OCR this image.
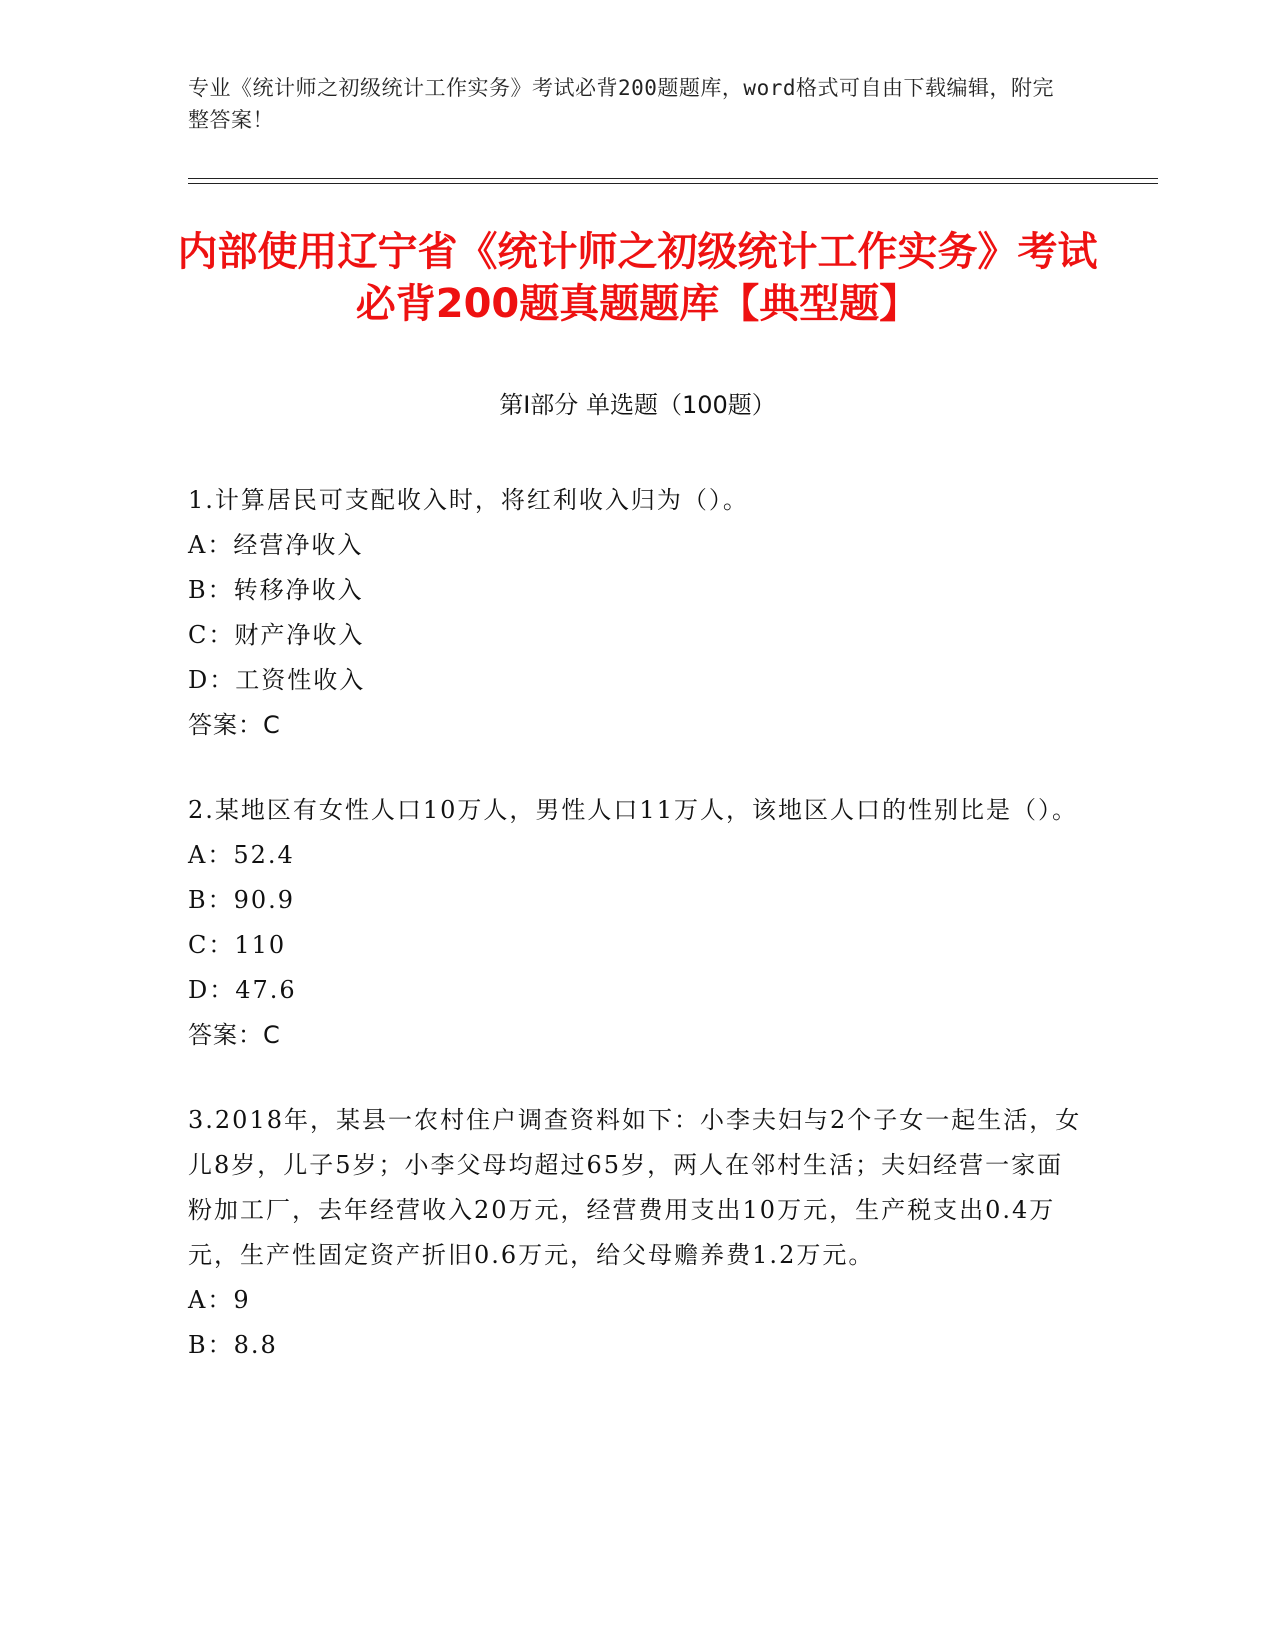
专业《统计师之初级统计工作实务》考试必背200题题库，word格式可自由下载编辑，附完整答案！
内部使用辽宁省《统计师之初级统计工作实务》考试必背200题真题题库【典型题】
第Ⅰ部分 单选题（100题）

1.计算居民可支配收入时，将红利收入归为（）。

A：经营净收入
B：转移净收入
C：财产净收入
D：工资性收入
答案：C

2.某地区有女性人口10万人，男性人口11万人，该地区人口的性别比是（）。

A：52.4
B：90.9
C：110
D：47.6
答案：C

3.2018年，某县一农村住户调查资料如下：小李夫妇与2个子女一起生活，女儿8岁，儿子5岁；小李父母均超过65岁，两人在邻村生活；夫妇经营一家面粉加工厂，去年经营收入20万元，经营费用支出10万元，生产税支出0.4万元，生产性固定资产折旧0.6万元，给父母赡养费1.2万元。

A：9
B：8.8
